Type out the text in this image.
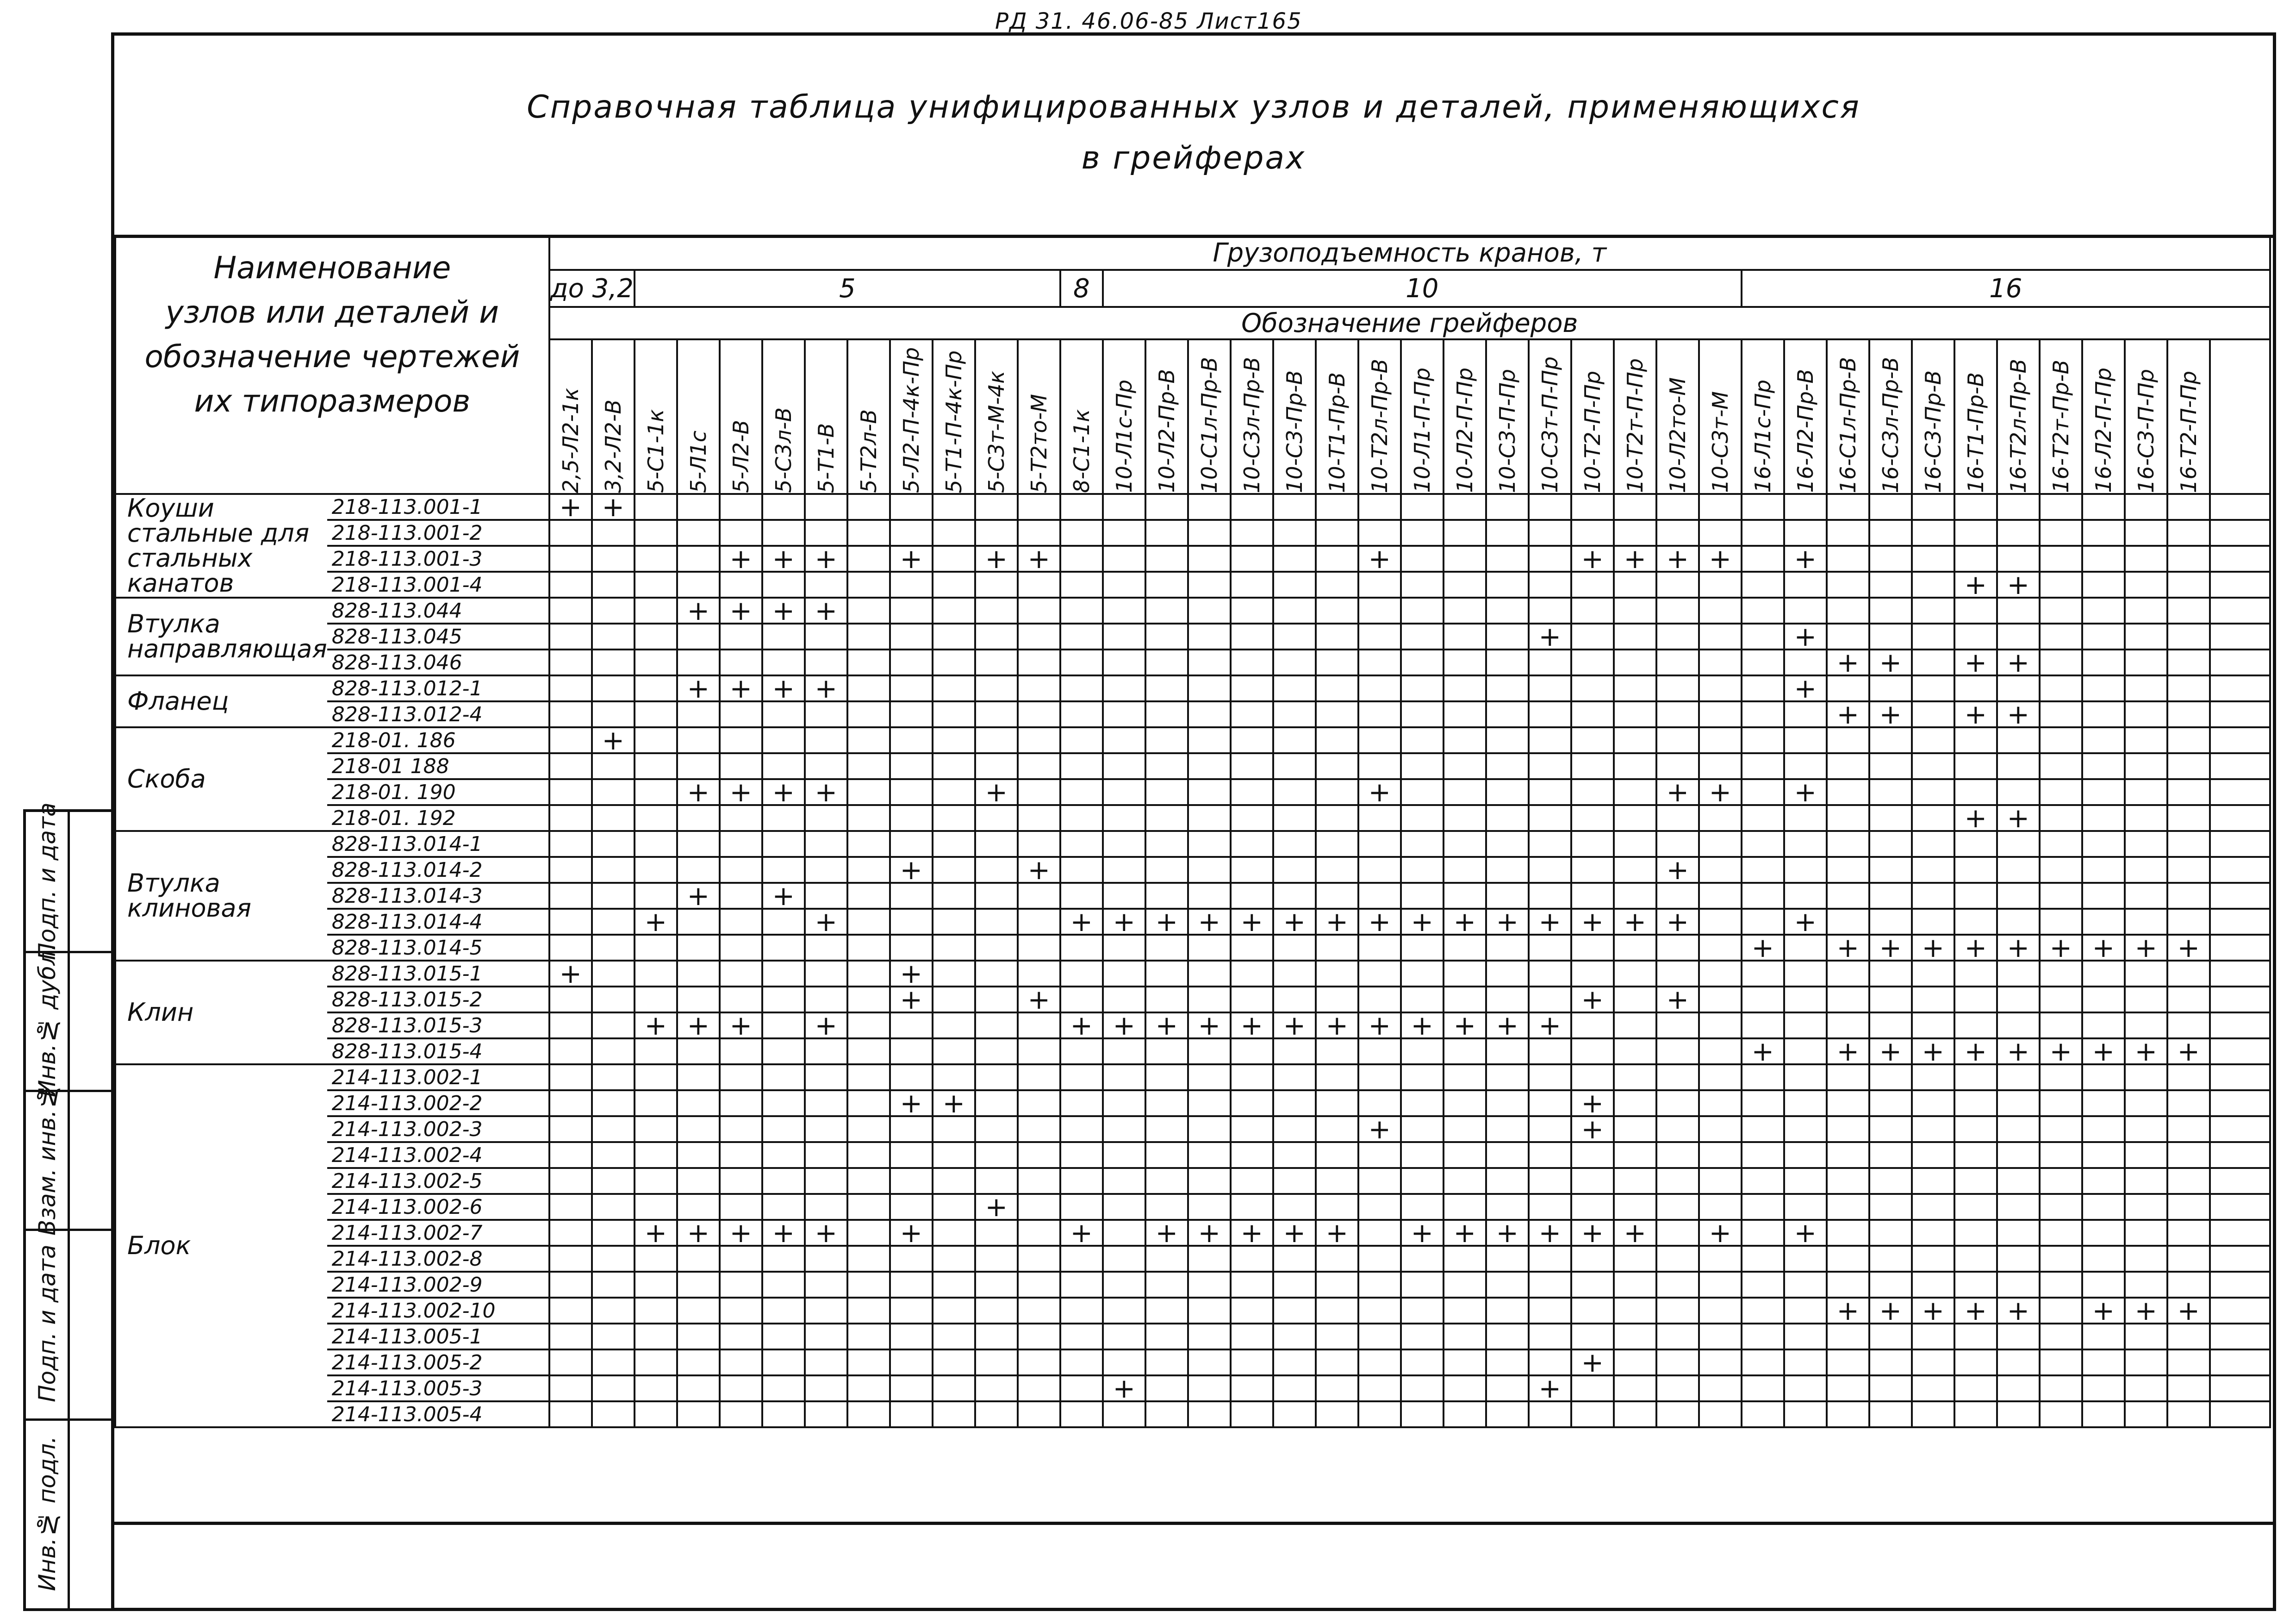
РД 31. 46.06-85 Лист165
Подп. и дата
Инв.№ дубл.
Взам. инв.№
Подп. и дата
Инв.№ подл.
Справочная таблица унифицированных узлов и деталей, применяющихся
в грейферах
Наименование
узлов или деталей и
обозначение чертежей
их типоразмеров		Грузоподъемность кранов, т																																							
		до 3,2		5										8	10															16											
		Обозначение грейферов																																							

		2,5-Л2-1к	3,2-Л2-В	5-С1-1к	5-Л1с	5-Л2-В	5-С3л-В	5-Т1-В	5-Т2л-В	5-Л2-П-4к-Пр	5-Т1-П-4к-Пр	5-С3т-М-4к	5-Т2то-М	8-С1-1к	10-Л1с-Пр	10-Л2-Пр-В	10-С1л-Пр-В	10-С3л-Пр-В	10-С3-Пр-В	10-Т1-Пр-В	10-Т2л-Пр-В	10-Л1-П-Пр	10-Л2-П-Пр	10-С3-П-Пр	10-С3т-П-Пр	10-Т2-П-Пр	10-Т2т-П-Пр	10-Л2то-М	10-С3т-М	16-Л1с-Пр	16-Л2-Пр-В	16-С1л-Пр-В	16-С3л-Пр-В	16-С3-Пр-В	16-Т1-Пр-В	16-Т2л-Пр-В	16-Т2т-Пр-В	16-Л2-П-Пр	16-С3-П-Пр	16-Т2-П-Пр	

Коуши
стальные для
стальных
канатов	218-113.001-1	+	+																																						
	218-113.001-2																																								
	218-113.001-3					+	+	+		+		+	+								+					+	+	+	+		+										
	218-113.001-4																																		+	+					

Втулка
направляющая	828-113.044				+	+	+	+																																	
	828-113.045																								+						+										
	828-113.046																															+	+		+	+					

Фланец	828-113.012-1				+	+	+	+																							+										
	828-113.012-4																															+	+		+	+					

Скоба	218-01. 186		+																																						
	218-01 188																																								
	218-01. 190				+	+	+	+				+									+							+	+		+										
	218-01. 192																																		+	+					

Втулка
клиновая	828-113.014-1																																								
	828-113.014-2									+			+															+													
	828-113.014-3				+		+																																		
	828-113.014-4			+				+						+	+	+	+	+	+	+	+	+	+	+	+	+	+	+			+										
	828-113.014-5																													+		+	+	+	+	+	+	+	+	+	

Клин	828-113.015-1	+								+																															
	828-113.015-2									+			+													+		+													
	828-113.015-3			+	+	+		+						+	+	+	+	+	+	+	+	+	+	+	+																
	828-113.015-4																													+		+	+	+	+	+	+	+	+	+	

Блок	214-113.002-1																																								
	214-113.002-2									+	+															+															
	214-113.002-3																				+					+															
	214-113.002-4																																								
	214-113.002-5																																								
	214-113.002-6											+																													
	214-113.002-7			+	+	+	+	+		+				+		+	+	+	+	+		+	+	+	+	+	+		+		+										
	214-113.002-8																																								
	214-113.002-9																																								
	214-113.002-10																															+	+	+	+	+		+	+	+	
	214-113.005-1																																								
	214-113.005-2																									+															
	214-113.005-3														+										+																
	214-113.005-4																																								
